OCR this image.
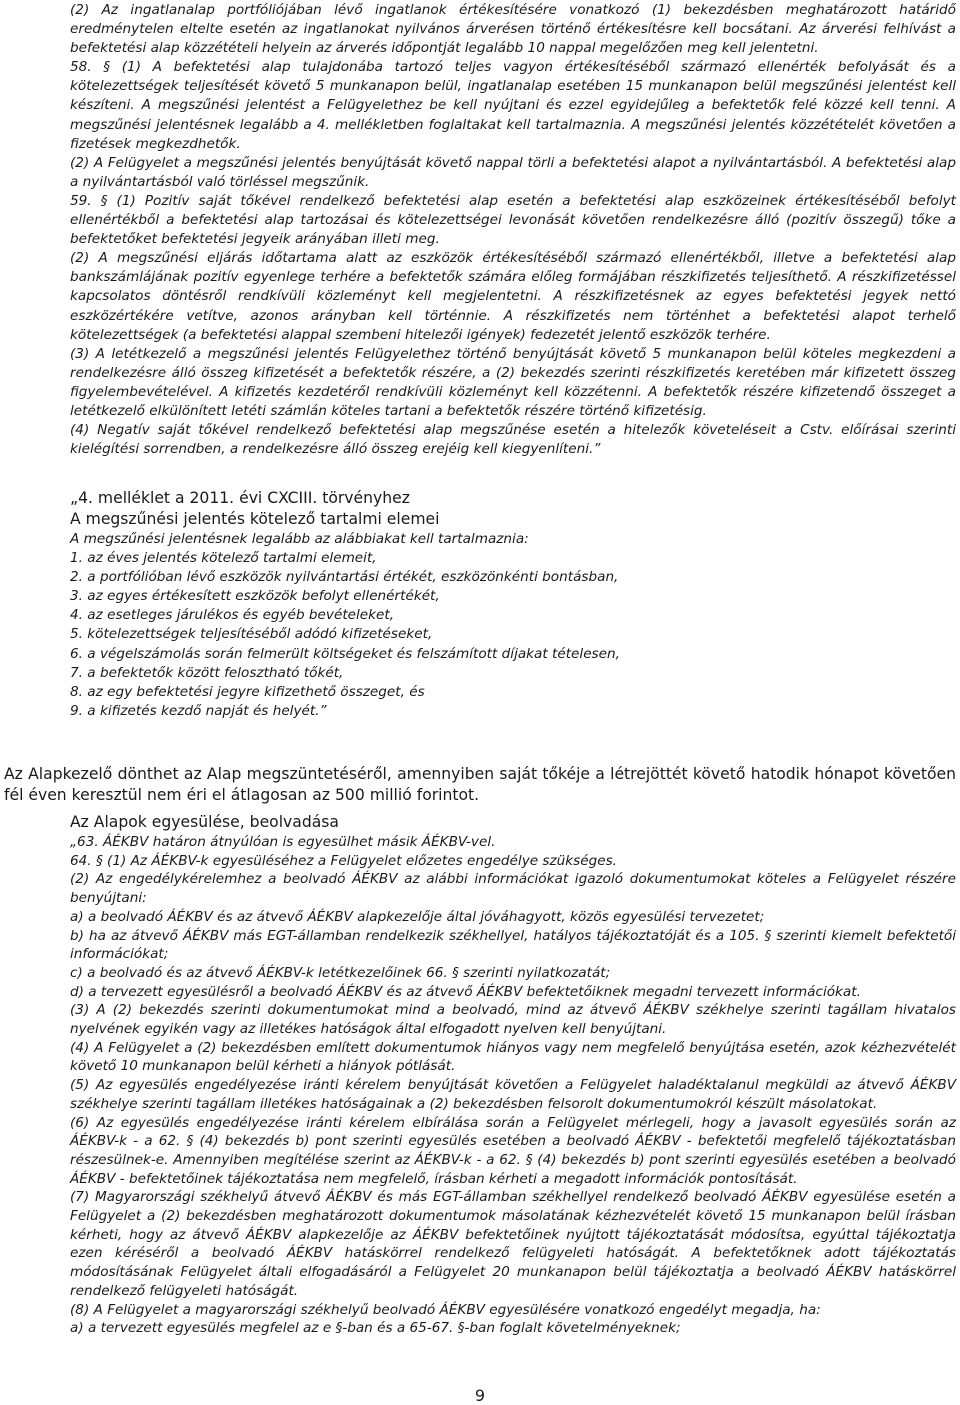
(2) Az ingatlanalap portfóliójában lévő ingatlanok értékesítésére vonatkozó (1) bekezdésben meghatározott határidő eredménytelen eltelte esetén az ingatlanokat nyilvános árverésen történő értékesítésre kell bocsátani. Az árverési felhívást a befektetési alap közzétételi helyein az árverés időpontját legalább 10 nappal megelőzően meg kell jelentetni.

58. § (1) A befektetési alap tulajdonába tartozó teljes vagyon értékesítéséből származó ellenérték befolyását és a kötelezettségek teljesítését követő 5 munkanapon belül, ingatlanalap esetében 15 munkanapon belül megszűnési jelentést kell készíteni. A megszűnési jelentést a Felügyelethez be kell nyújtani és ezzel egyidejűleg a befektetők felé közzé kell tenni. A megszűnési jelentésnek legalább a 4. mellékletben foglaltakat kell tartalmaznia. A megszűnési jelentés közzétételét követően a fizetések megkezdhetők.

(2) A Felügyelet a megszűnési jelentés benyújtását követő nappal törli a befektetési alapot a nyilvántartásból. A befektetési alap a nyilvántartásból való törléssel megszűnik.

59. § (1) Pozitív saját tőkével rendelkező befektetési alap esetén a befektetési alap eszközeinek értékesítéséből befolyt ellenértékből a befektetési alap tartozásai és kötelezettségei levonását követően rendelkezésre álló (pozitív összegű) tőke a befektetőket befektetési jegyeik arányában illeti meg.

(2) A megszűnési eljárás időtartama alatt az eszközök értékesítéséből származó ellenértékből, illetve a befektetési alap bankszámlájának pozitív egyenlege terhére a befektetők számára előleg formájában részkifizetés teljesíthető. A részkifizetéssel kapcsolatos döntésről rendkívüli közleményt kell megjelentetni. A részkifizetésnek az egyes befektetési jegyek nettó eszközértékére vetítve, azonos arányban kell történnie. A részkifizetés nem történhet a befektetési alapot terhelő kötelezettségek (a befektetési alappal szembeni hitelezői igények) fedezetét jelentő eszközök terhére.

(3) A letétkezelő a megszűnési jelentés Felügyelethez történő benyújtását követő 5 munkanapon belül köteles megkezdeni a rendelkezésre álló összeg kifizetését a befektetők részére, a (2) bekezdés szerinti részkifizetés keretében már kifizetett összeg figyelembevételével. A kifizetés kezdetéről rendkívüli közleményt kell közzétenni. A befektetők részére kifizetendő összeget a letétkezelő elkülönített letéti számlán köteles tartani a befektetők részére történő kifizetésig.

(4) Negatív saját tőkével rendelkező befektetési alap megszűnése esetén a hitelezők követeléseit a Cstv. előírásai szerinti kielégítési sorrendben, a rendelkezésre álló összeg erejéig kell kiegyenlíteni.”

„4. melléklet a 2011. évi CXCIII. törvényhez

A megszűnési jelentés kötelező tartalmi elemei

A megszűnési jelentésnek legalább az alábbiakat kell tartalmaznia:

1. az éves jelentés kötelező tartalmi elemeit,

2. a portfólióban lévő eszközök nyilvántartási értékét, eszközönkénti bontásban,

3. az egyes értékesített eszközök befolyt ellenértékét,

4. az esetleges járulékos és egyéb bevételeket,

5. kötelezettségek teljesítéséből adódó kifizetéseket,

6. a végelszámolás során felmerült költségeket és felszámított díjakat tételesen,

7. a befektetők között felosztható tőkét,

8. az egy befektetési jegyre kifizethető összeget, és

9. a kifizetés kezdő napját és helyét.”

Az Alapkezelő dönthet az Alap megszüntetéséről, amennyiben saját tőkéje a létrejöttét követő hatodik hónapot követően fél éven keresztül nem éri el átlagosan az 500 millió forintot.

Az Alapok egyesülése, beolvadása

„63. ÁÉKBV határon átnyúlóan is egyesülhet másik ÁÉKBV-vel.

64. § (1) Az ÁÉKBV-k egyesüléséhez a Felügyelet előzetes engedélye szükséges.

(2) Az engedélykérelemhez a beolvadó ÁÉKBV az alábbi információkat igazoló dokumentumokat köteles a Felügyelet részére benyújtani:

a) a beolvadó ÁÉKBV és az átvevő ÁÉKBV alapkezelője által jóváhagyott, közös egyesülési tervezetet;

b) ha az átvevő ÁÉKBV más EGT-államban rendelkezik székhellyel, hatályos tájékoztatóját és a 105. § szerinti kiemelt befektetői információkat;

c) a beolvadó és az átvevő ÁÉKBV-k letétkezelőinek 66. § szerinti nyilatkozatát;

d) a tervezett egyesülésről a beolvadó ÁÉKBV és az átvevő ÁÉKBV befektetőiknek megadni tervezett információkat.

(3) A (2) bekezdés szerinti dokumentumokat mind a beolvadó, mind az átvevő ÁÉKBV székhelye szerinti tagállam hivatalos nyelvének egyikén vagy az illetékes hatóságok által elfogadott nyelven kell benyújtani.

(4) A Felügyelet a (2) bekezdésben említett dokumentumok hiányos vagy nem megfelelő benyújtása esetén, azok kézhezvételét követő 10 munkanapon belül kérheti a hiányok pótlását.

(5) Az egyesülés engedélyezése iránti kérelem benyújtását követően a Felügyelet haladéktalanul megküldi az átvevő ÁÉKBV székhelye szerinti tagállam illetékes hatóságainak a (2) bekezdésben felsorolt dokumentumokról készült másolatokat.

(6) Az egyesülés engedélyezése iránti kérelem elbírálása során a Felügyelet mérlegeli, hogy a javasolt egyesülés során az ÁÉKBV-k - a 62. § (4) bekezdés b) pont szerinti egyesülés esetében a beolvadó ÁÉKBV - befektetői megfelelő tájékoztatásban részesülnek-e. Amennyiben megítélése szerint az ÁÉKBV-k - a 62. § (4) bekezdés b) pont szerinti egyesülés esetében a beolvadó ÁÉKBV - befektetőinek tájékoztatása nem megfelelő, írásban kérheti a megadott információk pontosítását.

(7) Magyarországi székhelyű átvevő ÁÉKBV és más EGT-államban székhellyel rendelkező beolvadó ÁÉKBV egyesülése esetén a Felügyelet a (2) bekezdésben meghatározott dokumentumok másolatának kézhezvételét követő 15 munkanapon belül írásban kérheti, hogy az átvevő ÁÉKBV alapkezelője az ÁÉKBV befektetőinek nyújtott tájékoztatását módosítsa, egyúttal tájékoztatja ezen kéréséről a beolvadó ÁÉKBV hatáskörrel rendelkező felügyeleti hatóságát. A befektetőknek adott tájékoztatás módosításának Felügyelet általi elfogadásáról a Felügyelet 20 munkanapon belül tájékoztatja a beolvadó ÁÉKBV hatáskörrel rendelkező felügyeleti hatóságát.

(8) A Felügyelet a magyarországi székhelyű beolvadó ÁÉKBV egyesülésére vonatkozó engedélyt megadja, ha:

a) a tervezett egyesülés megfelel az e §-ban és a 65-67. §-ban foglalt követelményeknek;

9
